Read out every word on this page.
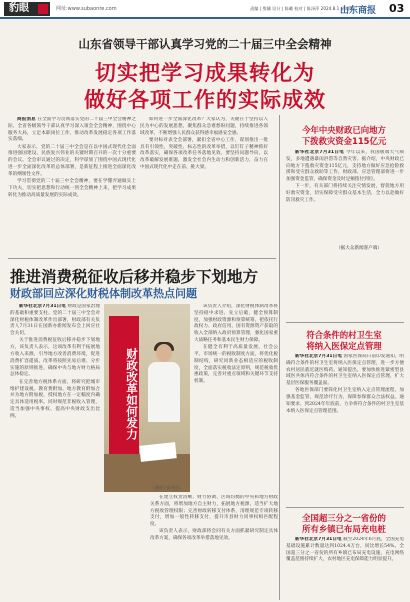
豹眼	网址:www.subaonre.com	责编 | 殷骥 设计 | 陈璐 校对 | 陈泽萍 2024.8.1 星期四
山东商报 03
山东省领导干部认真学习党的二十届三中全会精神
切实把学习成果转化为
做好各项工作的实际成效

商报消息 在全面学习贯彻落实党的二十届三中全会精神之际，全省各级领导干部认真学习深入领会全会精神，围绕中心服务大局，立足本职岗位工作，推动改革发展稳定各项工作落实落细。

大家表示，党的二十届三中全会是在以中国式现代化全面推进强国建设、民族复兴伟业的关键时期召开的一次十分重要的会议。全会审议通过的决定，科学谋划了围绕中国式现代化进一步全面深化改革的总体部署，是新征程上推进全面深化改革的纲领性文件。

学习贯彻党的二十届三中全会精神，要在学懂弄通做实上下功夫，切实把思想和行动统一到全会精神上来，把学习成果转化为推动高质量发展的实际成效。

如何进一步全面深化改革？大家认为，关键在于坚持以人民为中心的发展思想，聚焦群众急难愁盼问题，持续推进各领域改革，不断增强人民群众获得感幸福感安全感。

要对标对表全会部署，紧扣全省中心工作，谋划推出一批具有引领性、突破性、标志性的改革举措，以钉钉子精神抓好改革落实，确保各项改革任务落地见效。要坚持问题导向，以改革破解发展难题，激发全社会内生动力和创新活力，奋力在中国式现代化中走在前、挑大梁。

今年中央财政已向地方
下拨救灾资金115亿元

新华社北京7月31日电 今年以来，我国极端天气频发，多地遭遇暴雨洪涝等自然灾害。据介绍，中央财政已向地方下拨救灾资金115亿元，支持地方做好应急抢险救援和受灾群众救助等工作，财政部、应急管理部将进一步加强资金监管，确保资金及时足额拨付到位。

下一步，有关部门将持续关注灾情发展，督促地方用好救灾资金，切实保障受灾群众基本生活，全力以赴做好防汛救灾工作。

（据大众新闻客户端）
符合条件的村卫生室
将纳入医保定点管理

新华社北京7月31日电 国家医保局日前印发通知，明确符合条件的村卫生室将纳入医保定点管理，进一步方便农村居民就近就医购药。通知提出，要加快推进紧密型县域医共体内符合条件的村卫生室纳入医保定点管理，扩大基层医保服务覆盖面。

各地医保部门要简化村卫生室纳入定点管理流程，加强基金监管，规范诊疗行为，保障参保群众合法权益。通知要求，到2024年年底前，力争将符合条件的村卫生室基本纳入医保定点管理范围。

全国超三分之一省份的
所有乡镇已布局充电桩

新华社北京7月31日电 截至2024年6月底，全国充电基础设施累计数量达到1024.4万台，同比增长54%。全国超三分之一省份的所有乡镇已布局充电设施，充电网络覆盖范围持续扩大，农村地区充电保障能力明显提升。

推进消费税征收后移并稳步下划地方
财政部回应深化财税体制改革热点问题

新华社北京7月31日电 财政是国家治理的基础和重要支柱。党的二十届三中全会对深化财税体制改革作出部署，财政部有关负责人7月31日在国新办新闻发布会上回应社会关切。

关于推进消费税征收后移并稳步下划地方，该负责人表示，这项改革有利于拓展地方收入来源，引导地方改善消费环境，促进消费扩容提质。改革将按照先易后难、分步实施的原则推进，确保中央与地方财力格局总体稳定。

在完善地方税体系方面，将研究把城市维护建设税、教育费附加、地方教育附加合并为地方附加税，授权地方在一定幅度内确定具体适用税率。同时规范非税收入管理，适当加强中央事权、提高中央财政支出比例。	财政改革如何发力

该负责人介绍，深化财税体制改革将坚持稳中求进、先立后破，健全预算制度，加强财政资源和预算统筹，把依托行政权力、政府信用、国有资源资产获取的收入全部纳入政府预算管理，强化国家重大战略任务和基本民生财力保障。

在健全有利于高质量发展、社会公平、市场统一的税收制度方面，将优化税制结构，研究同新业态相适应的税收制度，全面落实税收法定原则，规范税收优惠政策，完善对重点领域和关键环节支持机制。

（漫画 / 新华社）

在建立权责清晰、财力协调、区域均衡的中央和地方财政关系方面，将增加地方自主财力，拓展地方税源，适当扩大地方税收管理权限；完善财政转移支付体系，清理规范专项转移支付，增加一般性转移支付，提升市县财力同事权相匹配程度。

该负责人表示，财政部将会同有关方面抓紧研究制定具体改革方案，确保各项改革举措落地见效。
